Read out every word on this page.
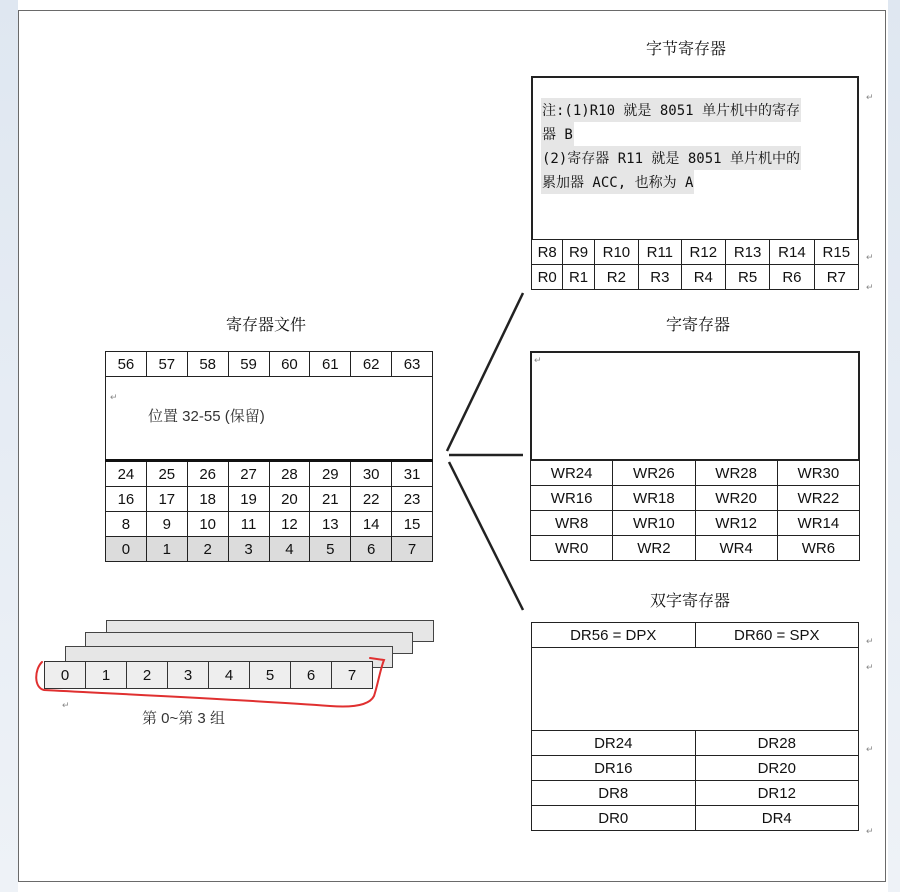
字节寄存器
寄存器文件	字寄存器
双字寄存器
注:(1)R10 就是 8051 单片机中的寄存
器 B
(2)寄存器 R11 就是 8051 单片机中的
累加器 ACC, 也称为 A
R8	R9	R10	R11	R12	R13	R14	R15
R0	R1	R2	R3	R4	R5	R6	R7
56	57	58	59	60	61	62	63

24	25	26	27	28	29	30	31
16	17	18	19	20	21	22	23
8	9	10	11	12	13	14	15
0	1	2	3	4	5	6	7
位置 32-55 (保留)
WR24	WR26	WR28	WR30
WR16	WR18	WR20	WR22
WR8	WR10	WR12	WR14
WR0	WR2	WR4	WR6
DR56 = DPX	DR60 = SPX

DR24	DR28
DR16	DR20
DR8	DR12
DR0	DR4
0	1	2	3	4	5	6	7
第 0~第 3 组
↵
↵
↵
↵
↵
↵
↵
↵
↵
↵
